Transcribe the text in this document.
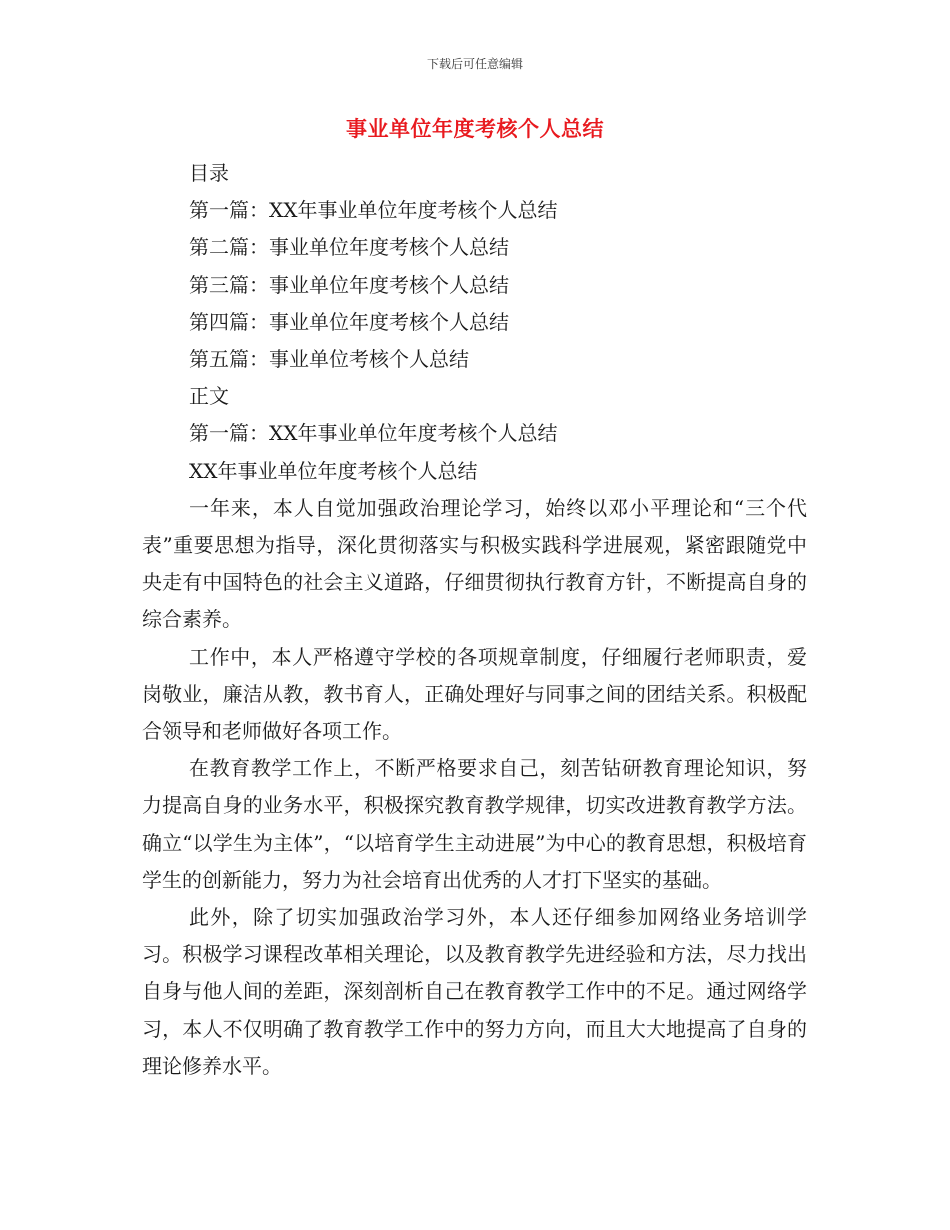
下载后可任意编辑
事业单位年度考核个人总结

目录

第一篇：XX年事业单位年度考核个人总结

第二篇：事业单位年度考核个人总结

第三篇：事业单位年度考核个人总结

第四篇：事业单位年度考核个人总结

第五篇：事业单位考核个人总结

正文

第一篇：XX年事业单位年度考核个人总结

XX年事业单位年度考核个人总结

一年来，本人自觉加强政治理论学习，始终以邓小平理论和“三个代表”重要思想为指导，深化贯彻落实与积极实践科学进展观，紧密跟随党中央走有中国特色的社会主义道路，仔细贯彻执行教育方针，不断提高自身的综合素养。

工作中，本人严格遵守学校的各项规章制度，仔细履行老师职责，爱岗敬业，廉洁从教，教书育人，正确处理好与同事之间的团结关系。积极配合领导和老师做好各项工作。

在教育教学工作上，不断严格要求自己，刻苦钻研教育理论知识，努力提高自身的业务水平，积极探究教育教学规律，切实改进教育教学方法。确立“以学生为主体”，“以培育学生主动进展”为中心的教育思想，积极培育学生的创新能力，努力为社会培育出优秀的人才打下坚实的基础。

此外，除了切实加强政治学习外，本人还仔细参加网络业务培训学习。积极学习课程改革相关理论，以及教育教学先进经验和方法，尽力找出自身与他人间的差距，深刻剖析自己在教育教学工作中的不足。通过网络学习，本人不仅明确了教育教学工作中的努力方向，而且大大地提高了自身的理论修养水平。
